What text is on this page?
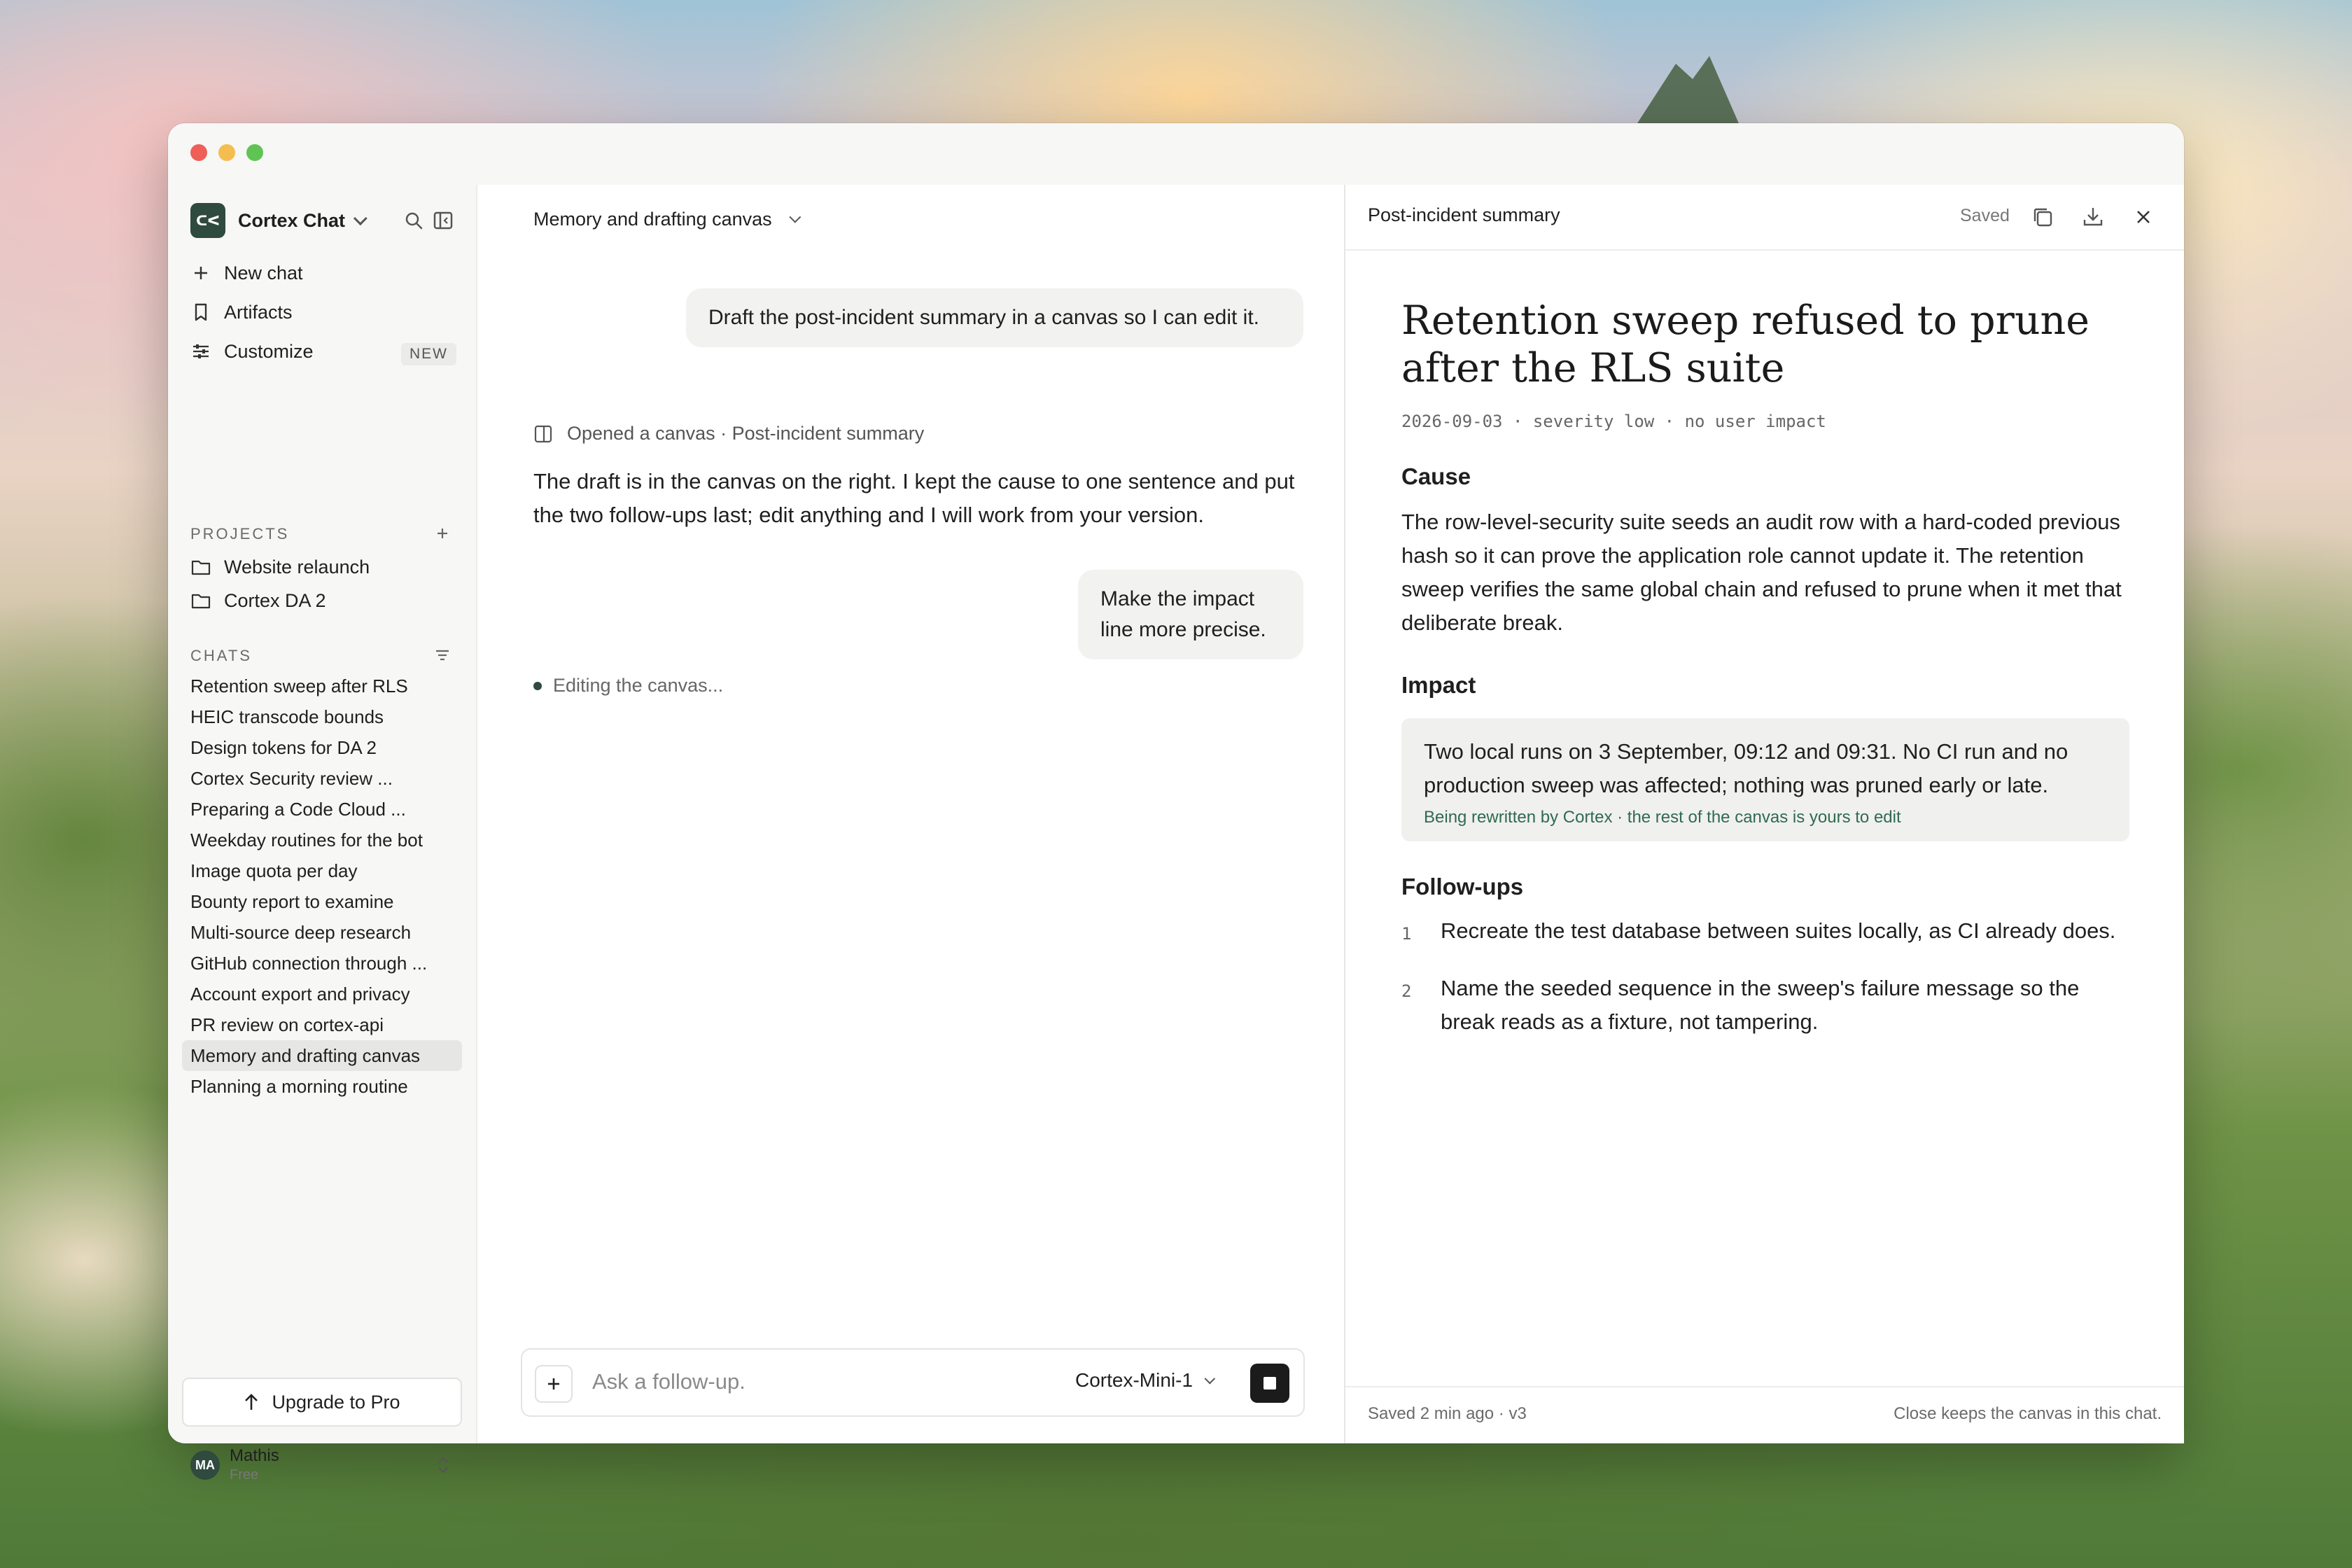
ᑕᐸ Cortex Chat
New chat
Artifacts
Customize	NEW
PROJECTS
Website relaunch
Cortex DA 2
CHATS
Retention sweep after RLS
HEIC transcode bounds
Design tokens for DA 2
Cortex Security review ...
Preparing a Code Cloud ...
Weekday routines for the bot
Image quota per day
Bounty report to examine
Multi-source deep research
GitHub connection through ...
Account export and privacy
PR review on cortex-api
Memory and drafting canvas
Planning a morning routine
MA Mathis
Free
Upgrade to Pro
Memory and drafting canvas
Draft the post-incident summary in a canvas so I can edit it.
Opened a canvas · Post-incident summary
The draft is in the canvas on the right. I kept the cause to one sentence and put the two follow-ups last; edit anything and I will work from your version.
Make the impact line more precise.
Editing the canvas...
Ask a follow-up.	Cortex-Mini-1
Post-incident summary	Saved
Retention sweep refused to prune after the RLS suite
2026-09-03 · severity low · no user impact
Cause
The row-level-security suite seeds an audit row with a hard-coded previous hash so it can prove the application role cannot update it. The retention sweep verifies the same global chain and refused to prune when it met that deliberate break.
Impact
Two local runs on 3 September, 09:12 and 09:31. No CI run and no production sweep was affected; nothing was pruned early or late.
Being rewritten by Cortex · the rest of the canvas is yours to edit
Follow-ups
1	Recreate the test database between suites locally, as CI already does.
2	Name the seeded sequence in the sweep's failure message so the break reads as a fixture, not tampering.
Saved 2 min ago · v3	Close keeps the canvas in this chat.
